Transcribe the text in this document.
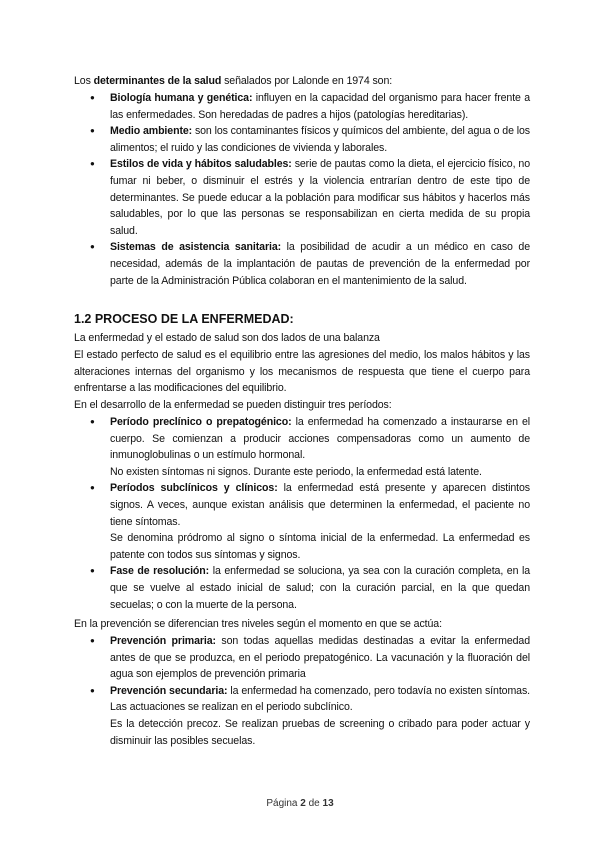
Los determinantes de la salud señalados por Lalonde en 1974 son:
● Biología humana y genética: influyen en la capacidad del organismo para hacer frente a las enfermedades. Son heredadas de padres a hijos (patologías hereditarias).
● Medio ambiente: son los contaminantes físicos y químicos del ambiente, del agua o de los alimentos; el ruido y las condiciones de vivienda y laborales.
● Estilos de vida y hábitos saludables: serie de pautas como la dieta, el ejercicio físico, no fumar ni beber, o disminuir el estrés y la violencia entrarían dentro de este tipo de determinantes. Se puede educar a la población para modificar sus hábitos y hacerlos más saludables, por lo que las personas se responsabilizan en cierta medida de su propia salud.
● Sistemas de asistencia sanitaria: la posibilidad de acudir a un médico en caso de necesidad, además de la implantación de pautas de prevención de la enfermedad por parte de la Administración Pública colaboran en el mantenimiento de la salud.
1.2 PROCESO DE LA ENFERMEDAD:
La enfermedad y el estado de salud son dos lados de una balanza
El estado perfecto de salud es el equilibrio entre las agresiones del medio, los malos hábitos y las alteraciones internas del organismo y los mecanismos de respuesta que tiene el cuerpo para enfrentarse a las modificaciones del equilibrio.
En el desarrollo de la enfermedad se pueden distinguir tres períodos:
● Período preclínico o prepatogénico: la enfermedad ha comenzado a instaurarse en el cuerpo. Se comienzan a producir acciones compensadoras como un aumento de inmunoglobulinas o un estímulo hormonal.
No existen síntomas ni signos. Durante este periodo, la enfermedad está latente.
● Períodos subclínicos y clínicos: la enfermedad está presente y aparecen distintos signos. A veces, aunque existan análisis que determinen la enfermedad, el paciente no tiene síntomas.
Se denomina pródromo al signo o síntoma inicial de la enfermedad. La enfermedad es patente con todos sus síntomas y signos.
● Fase de resolución: la enfermedad se soluciona, ya sea con la curación completa, en la que se vuelve al estado inicial de salud; con la curación parcial, en la que quedan secuelas; o con la muerte de la persona.
En la prevención se diferencian tres niveles según el momento en que se actúa:
● Prevención primaria: son todas aquellas medidas destinadas a evitar la enfermedad antes de que se produzca, en el periodo prepatogénico. La vacunación y la fluoración del agua son ejemplos de prevención primaria
● Prevención secundaria: la enfermedad ha comenzado, pero todavía no existen síntomas. Las actuaciones se realizan en el periodo subclínico.
Es la detección precoz. Se realizan pruebas de screening o cribado para poder actuar y disminuir las posibles secuelas.
Página 2 de 13
